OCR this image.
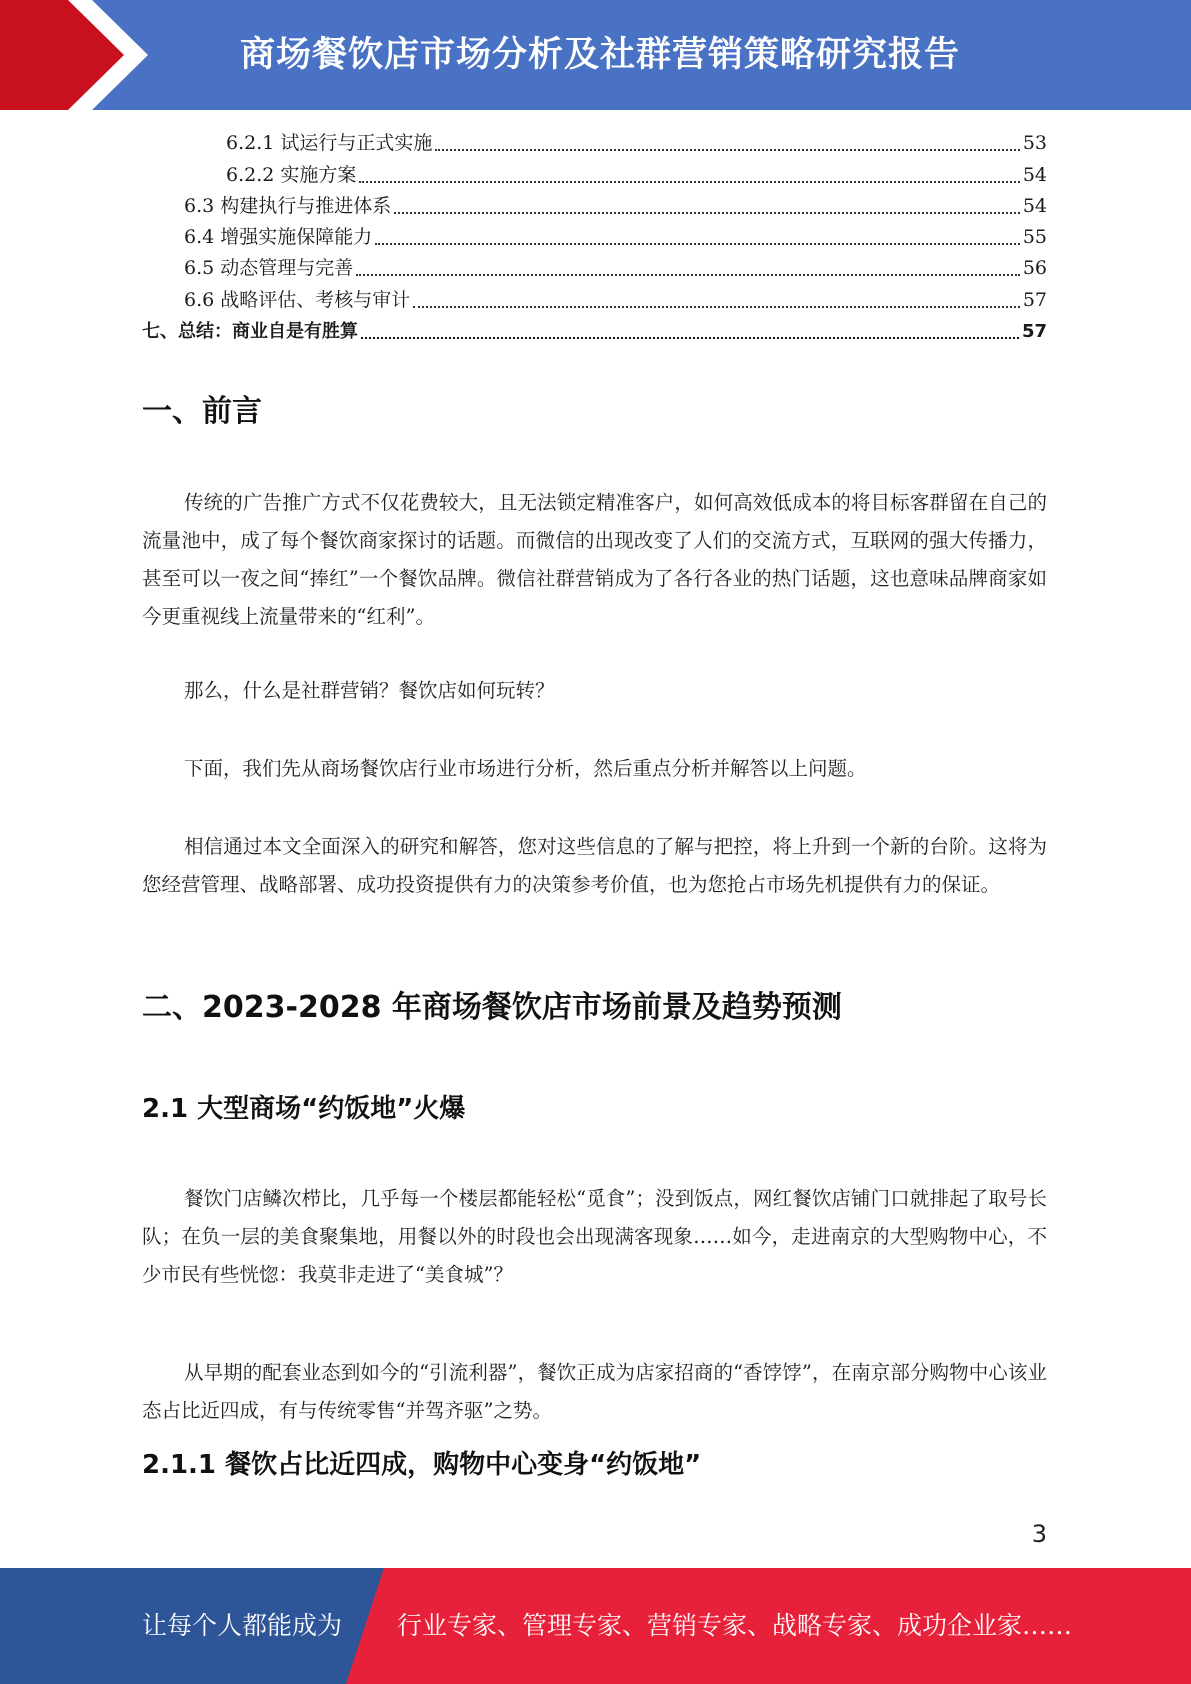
商场餐饮店市场分析及社群营销策略研究报告
6.2.1 试运行与正式实施	53
6.2.2 实施方案	54
6.3 构建执行与推进体系	54
6.4 增强实施保障能力	55
6.5 动态管理与完善	56
6.6 战略评估、考核与审计	57
七、总结：商业自是有胜算	57
一、前言

传统的广告推广方式不仅花费较大，且无法锁定精准客户，如何高效低成本的将目标客群留在自己的流量池中，成了每个餐饮商家探讨的话题。而微信的出现改变了人们的交流方式，互联网的强大传播力，甚至可以一夜之间“捧红”一个餐饮品牌。微信社群营销成为了各行各业的热门话题，这也意味品牌商家如今更重视线上流量带来的“红利”。

那么，什么是社群营销？餐饮店如何玩转？

下面，我们先从商场餐饮店行业市场进行分析，然后重点分析并解答以上问题。

相信通过本文全面深入的研究和解答，您对这些信息的了解与把控，将上升到一个新的台阶。这将为您经营管理、战略部署、成功投资提供有力的决策参考价值，也为您抢占市场先机提供有力的保证。

二、2023-2028 年商场餐饮店市场前景及趋势预测
2.1 大型商场“约饭地”火爆

餐饮门店鳞次栉比，几乎每一个楼层都能轻松“觅食”；没到饭点，网红餐饮店铺门口就排起了取号长队；在负一层的美食聚集地，用餐以外的时段也会出现满客现象……如今，走进南京的大型购物中心，不少市民有些恍惚：我莫非走进了“美食城”？

从早期的配套业态到如今的“引流利器”，餐饮正成为店家招商的“香饽饽”，在南京部分购物中心该业态占比近四成，有与传统零售“并驾齐驱”之势。

2.1.1 餐饮占比近四成，购物中心变身“约饭地”
3
让每个人都能成为 行业专家、管理专家、营销专家、战略专家、成功企业家……
